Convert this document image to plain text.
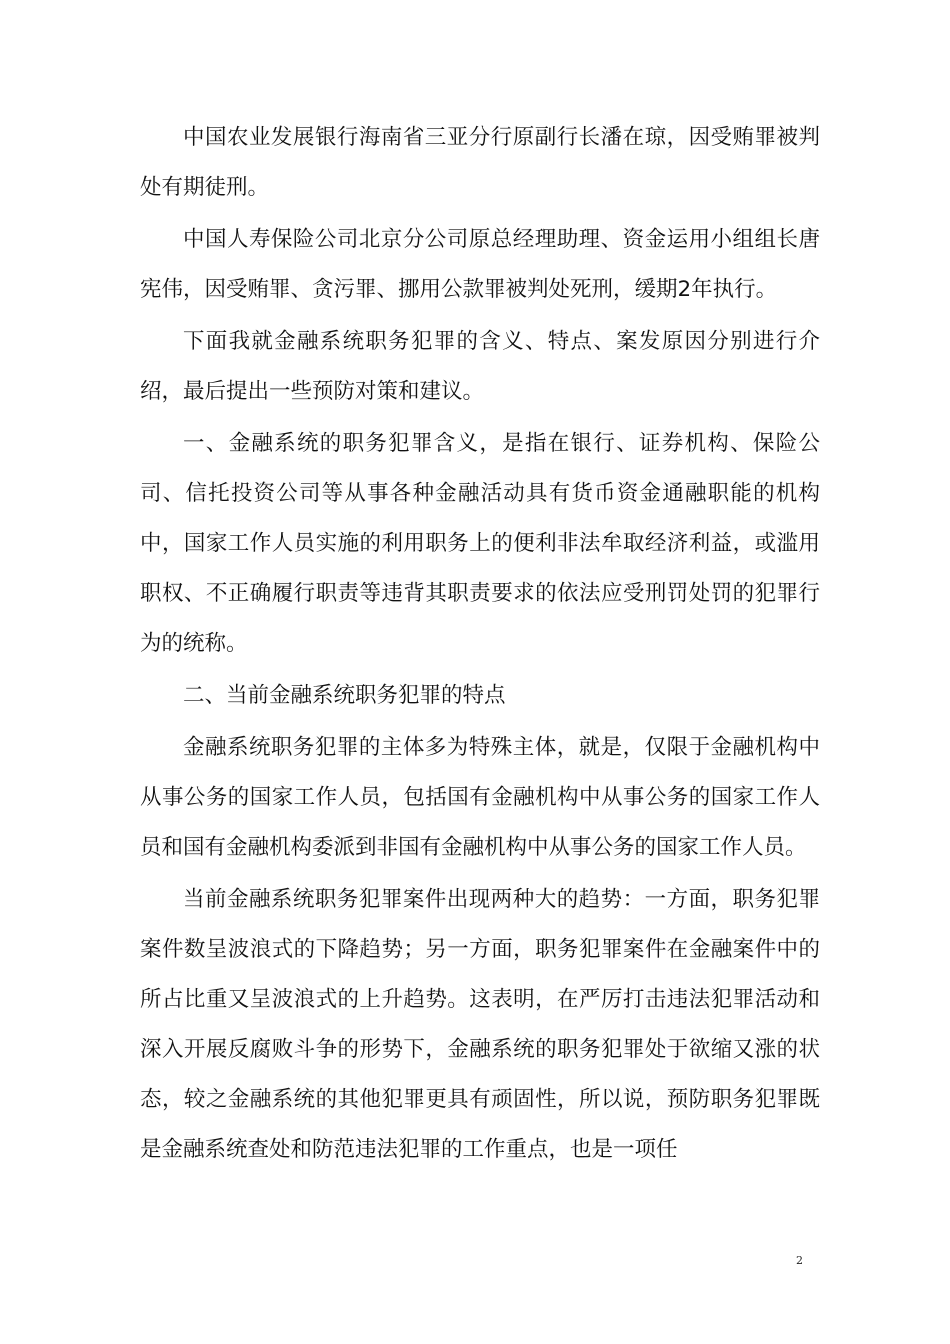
中国农业发展银行海南省三亚分行原副行长潘在琼，因受贿罪被判处有期徒刑。

中国人寿保险公司北京分公司原总经理助理、资金运用小组组长唐宪伟，因受贿罪、贪污罪、挪用公款罪被判处死刑，缓期2年执行。

下面我就金融系统职务犯罪的含义、特点、案发原因分别进行介绍，最后提出一些预防对策和建议。

一、金融系统的职务犯罪含义，是指在银行、证券机构、保险公司、信托投资公司等从事各种金融活动具有货币资金通融职能的机构中，国家工作人员实施的利用职务上的便利非法牟取经济利益，或滥用职权、不正确履行职责等违背其职责要求的依法应受刑罚处罚的犯罪行为的统称。

二、当前金融系统职务犯罪的特点

金融系统职务犯罪的主体多为特殊主体，就是，仅限于金融机构中从事公务的国家工作人员，包括国有金融机构中从事公务的国家工作人员和国有金融机构委派到非国有金融机构中从事公务的国家工作人员。

当前金融系统职务犯罪案件出现两种大的趋势：一方面，职务犯罪案件数呈波浪式的下降趋势；另一方面，职务犯罪案件在金融案件中的所占比重又呈波浪式的上升趋势。这表明，在严厉打击违法犯罪活动和深入开展反腐败斗争的形势下，金融系统的职务犯罪处于欲缩又涨的状态，较之金融系统的其他犯罪更具有顽固性，所以说，预防职务犯罪既是金融系统查处和防范违法犯罪的工作重点，也是一项任

2
